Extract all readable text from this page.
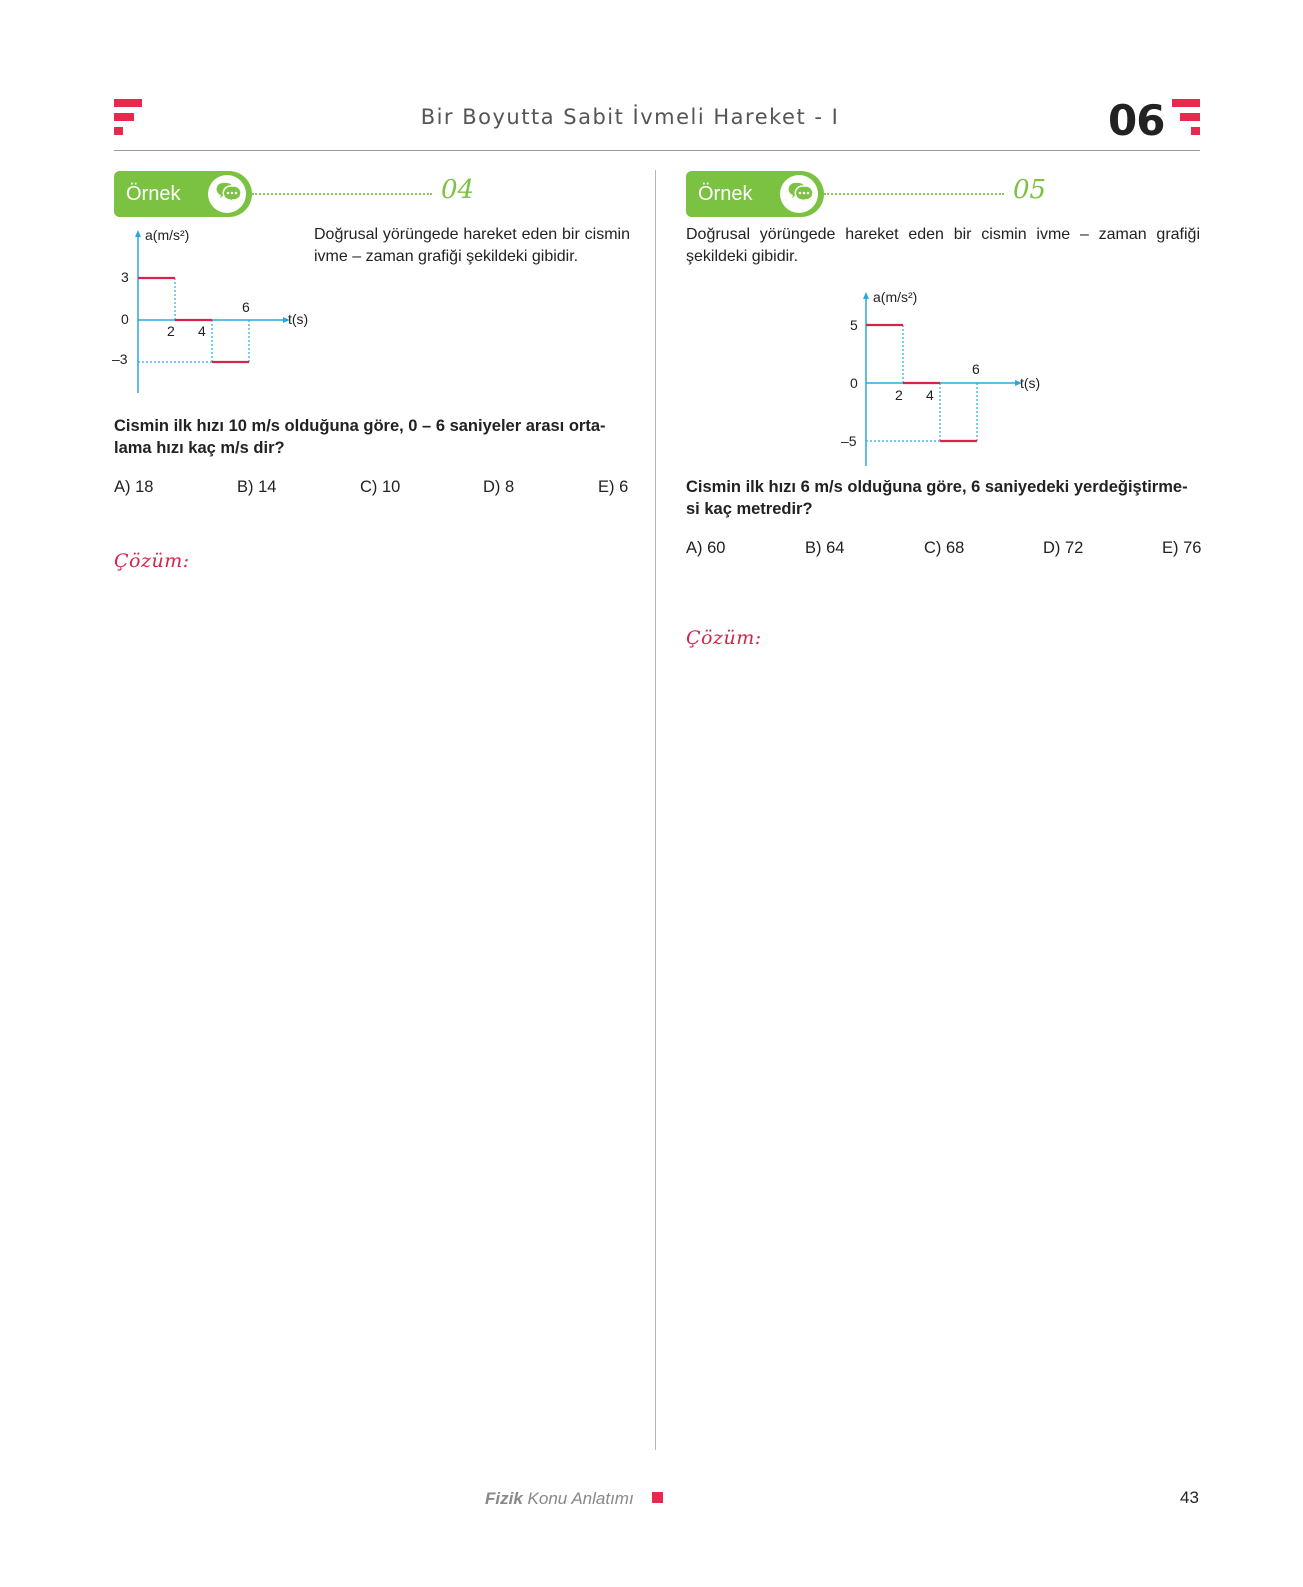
Bir Boyutta Sabit İvmeli Hareket - I	06
Örnek	04
a(m/s²)
t(s)
3
0
–3
2 4
6
Doğrusal yörüngede hareket eden bir cismin ivme – zaman grafiği şekildeki gibidir.
Cismin ilk hızı 10 m/s olduğuna göre, 0 – 6 saniyeler arası orta-lama hızı kaç m/s dir?
A) 18	B) 14	C) 10	D) 8	E) 6
Çözüm:
Örnek	05
Doğrusal yörüngede hareket eden bir cismin ivme – zaman grafiği şekildeki gibidir.
a(m/s²)
t(s)
5
0
–5
2 4
6
Cismin ilk hızı 6 m/s olduğuna göre, 6 saniyedeki yerdeğiştirme-si kaç metredir?
A) 60	B) 64	C) 68	D) 72	E) 76
Çözüm:
Fizik Konu Anlatımı	43
